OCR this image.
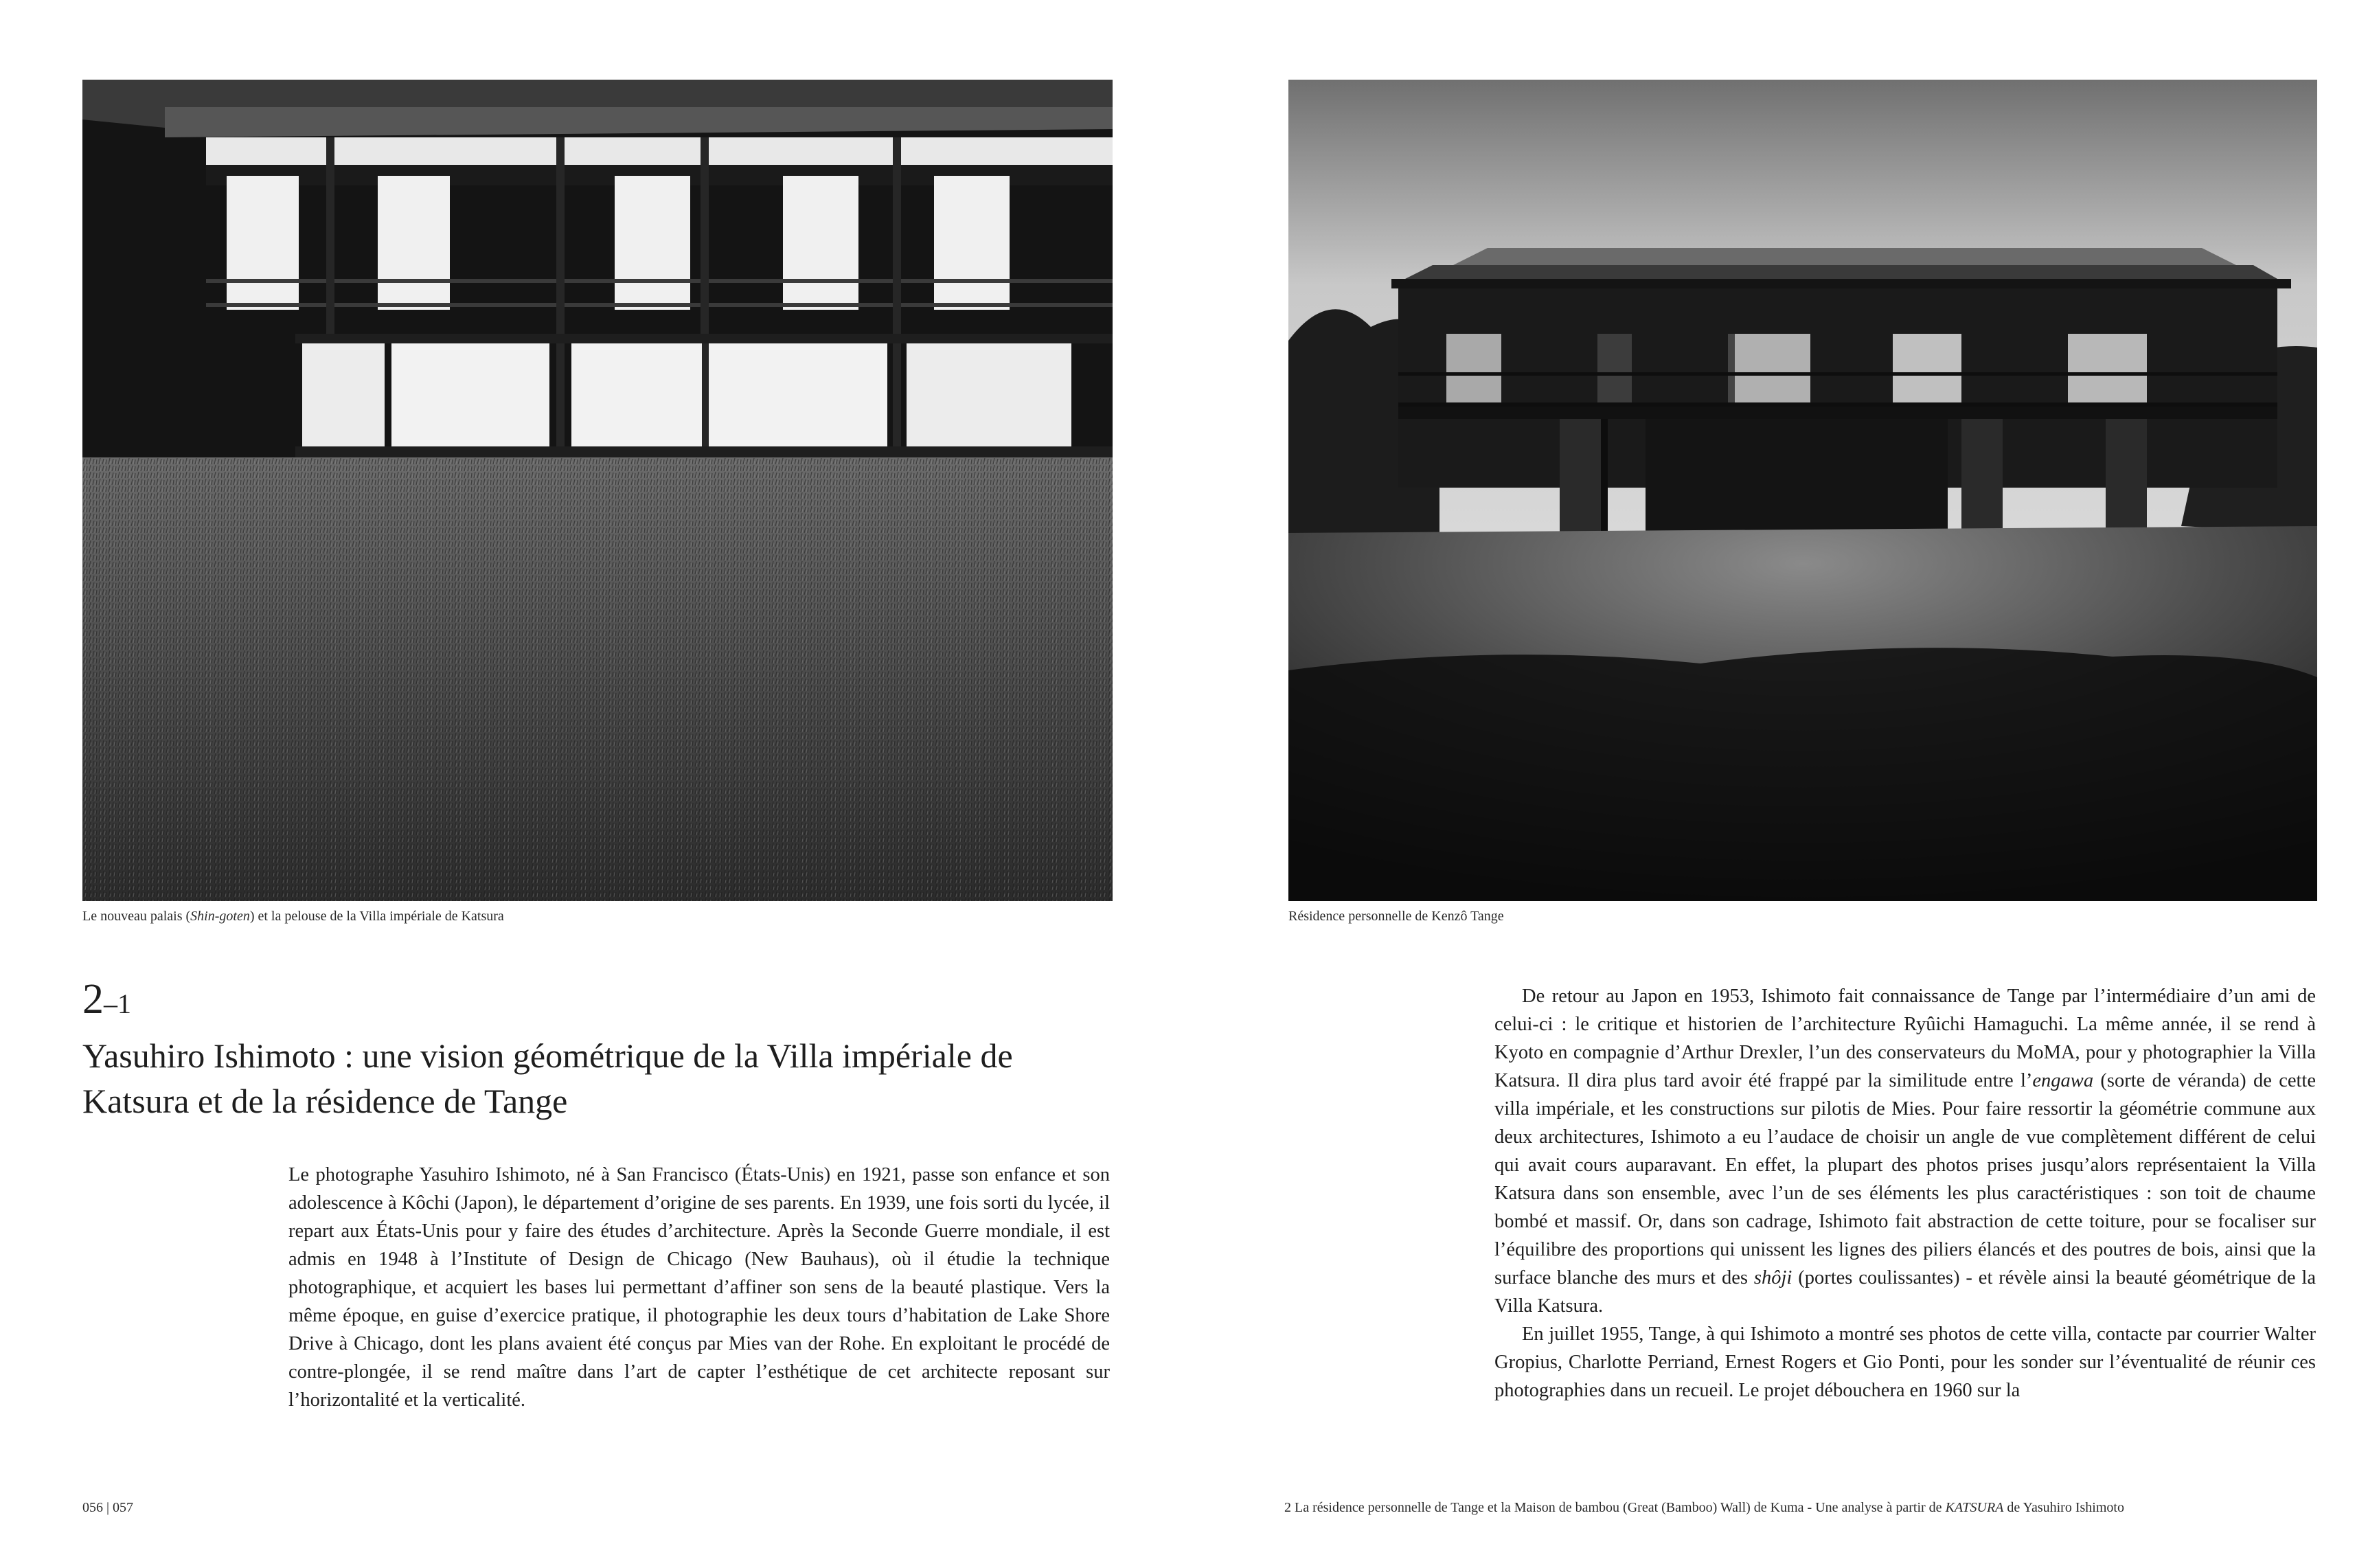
Le nouveau palais (Shin-goten) et la pelouse de la Villa impériale de Katsura	Résidence personnelle de Kenzô Tange
2–1
Yasuhiro Ishimoto : une vision géométrique de la Villa impériale de Katsura et de la résidence de Tange

Le photographe Yasuhiro Ishimoto, né à San Francisco (États-Unis) en 1921, passe son enfance et son adolescence à Kôchi (Japon), le département d’origine de ses parents. En 1939, une fois sorti du lycée, il repart aux États-Unis pour y faire des études d’architecture. Après la Seconde Guerre mondiale, il est admis en 1948 à l’Institute of Design de Chicago (New Bauhaus), où il étudie la technique photographique, et acquiert les bases lui permettant d’affiner son sens de la beauté plastique. Vers la même époque, en guise d’exercice pratique, il photographie les deux tours d’habitation de Lake Shore Drive à Chicago, dont les plans avaient été conçus par Mies van der Rohe. En exploitant le procédé de contre-plongée, il se rend maître dans l’art de capter l’esthétique de cet architecte reposant sur l’horizontalité et la verticalité.

De retour au Japon en 1953, Ishimoto fait connaissance de Tange par l’intermédiaire d’un ami de celui-ci : le critique et historien de l’architecture Ryûichi Hamaguchi. La même année, il se rend à Kyoto en compagnie d’Arthur Drexler, l’un des conservateurs du MoMA, pour y photographier la Villa Katsura. Il dira plus tard avoir été frappé par la similitude entre l’engawa (sorte de véranda) de cette villa impériale, et les constructions sur pilotis de Mies. Pour faire ressortir la géométrie commune aux deux architectures, Ishimoto a eu l’audace de choisir un angle de vue complètement différent de celui qui avait cours auparavant. En effet, la plupart des photos prises jusqu’alors représentaient la Villa Katsura dans son ensemble, avec l’un de ses éléments les plus caractéristiques : son toit de chaume bombé et massif. Or, dans son cadrage, Ishimoto fait abstraction de cette toiture, pour se focaliser sur l’équilibre des proportions qui unissent les lignes des piliers élancés et des poutres de bois, ainsi que la surface blanche des murs et des shôji (portes coulissantes) - et révèle ainsi la beauté géométrique de la Villa Katsura.

En juillet 1955, Tange, à qui Ishimoto a montré ses photos de cette villa, contacte par courrier Walter Gropius, Charlotte Perriand, Ernest Rogers et Gio Ponti, pour les sonder sur l’éventualité de réunir ces photographies dans un recueil. Le projet débouchera en 1960 sur la

056 | 057	2 La résidence personnelle de Tange et la Maison de bambou (Great (Bamboo) Wall) de Kuma - Une analyse à partir de KATSURA de Yasuhiro Ishimoto
